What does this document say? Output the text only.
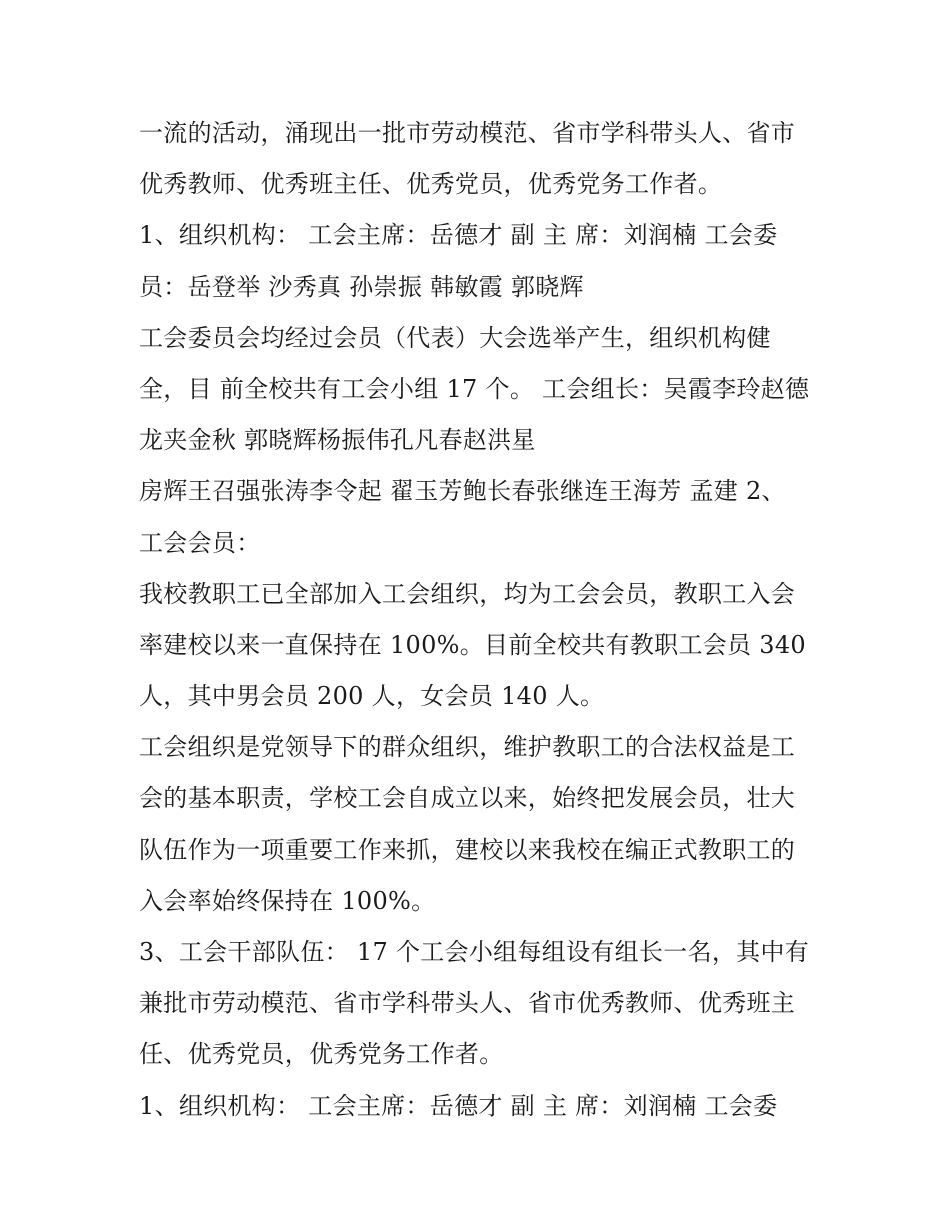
一流的活动，涌现出一批市劳动模范、省市学科带头人、省市
优秀教师、优秀班主任、优秀党员，优秀党务工作者。
1、组织机构： 工会主席：岳德才 副 主 席：刘润楠 工会委
员：岳登举 沙秀真 孙崇振 韩敏霞 郭晓辉
工会委员会均经过会员（代表）大会选举产生，组织机构健
全，目 前全校共有工会小组 17 个。 工会组长：吴霞李玲赵德
龙夹金秋 郭晓辉杨振伟孔凡春赵洪星
房辉王召强张涛李令起 翟玉芳鲍长春张继连王海芳 孟建 2、
工会会员：
我校教职工已全部加入工会组织，均为工会会员，教职工入会
率建校以来一直保持在 100%。目前全校共有教职工会员 340
人，其中男会员 200 人，女会员 140 人。
工会组织是党领导下的群众组织，维护教职工的合法权益是工
会的基本职责，学校工会自成立以来，始终把发展会员，壮大
队伍作为一项重要工作来抓，建校以来我校在编正式教职工的
入会率始终保持在 100%。
3、工会干部队伍： 17 个工会小组每组设有组长一名，其中有
兼批市劳动模范、省市学科带头人、省市优秀教师、优秀班主
任、优秀党员，优秀党务工作者。
1、组织机构： 工会主席：岳德才 副 主 席：刘润楠 工会委
